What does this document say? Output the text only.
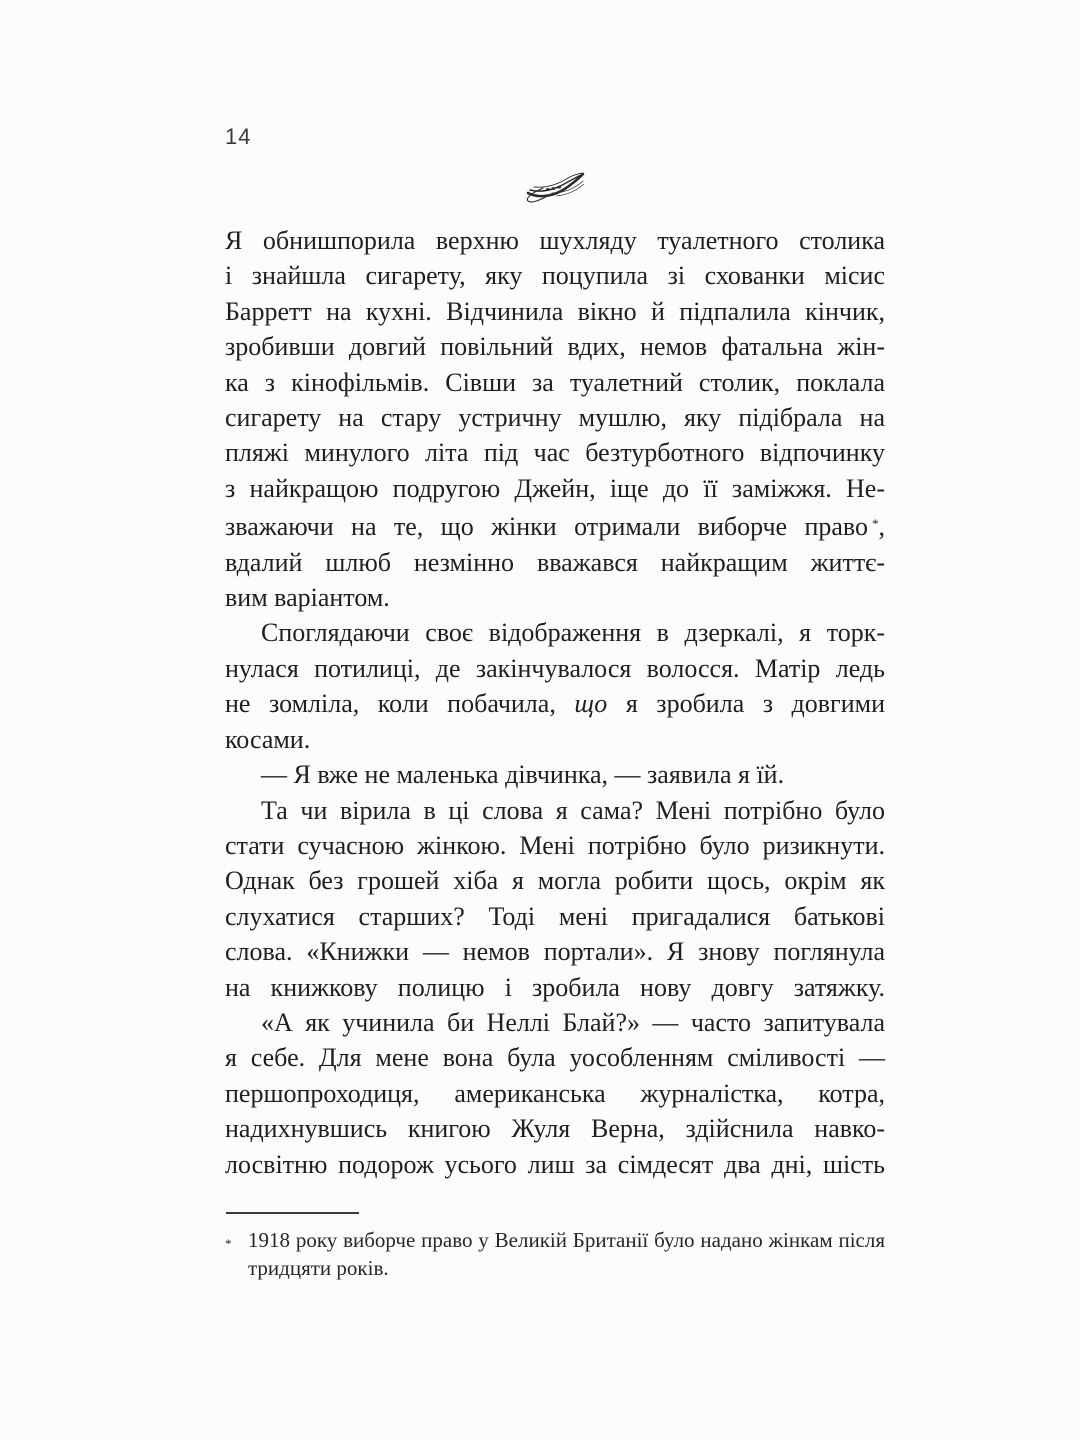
14
Я обнишпорила верхню шухляду туалетного столика
і знайшла сигарету, яку поцупила зі схованки місис
Барретт на кухні. Відчинила вікно й підпалила кінчик,
зробивши довгий повільний вдих, немов фатальна жін-
ка з кінофільмів. Сівши за туалетний столик, поклала
сигарету на стару устричну мушлю, яку підібрала на
пляжі минулого літа під час безтурботного відпочинку
з найкращою подругою Джейн, іще до її заміжжя. Не-
зважаючи на те, що жінки отримали виборче право *,
вдалий шлюб незмінно вважався найкращим життє-
вим варіантом.
Споглядаючи своє відображення в дзеркалі, я торк-
нулася потилиці, де закінчувалося волосся. Матір ледь
не зомліла, коли побачила, що я зробила з довгими
косами.
— Я вже не маленька дівчинка, — заявила я їй.
Та чи вірила в ці слова я сама? Мені потрібно було
стати сучасною жінкою. Мені потрібно було ризикнути.
Однак без грошей хіба я могла робити щось, окрім як
слухатися старших? Тоді мені пригадалися батькові
слова. «Книжки — немов портали». Я знову поглянула
на книжкову полицю і зробила нову довгу затяжку.
«А як учинила би Неллі Блай?» — часто запитувала
я себе. Для мене вона була уособленням сміливості —
першопроходиця, американська журналістка, котра,
надихнувшись книгою Жуля Верна, здійснила навко-
лосвітню подорож усього лиш за сімдесят два дні, шість
* 1918 року виборче право у Великій Британії було надано жінкам після
тридцяти років.
